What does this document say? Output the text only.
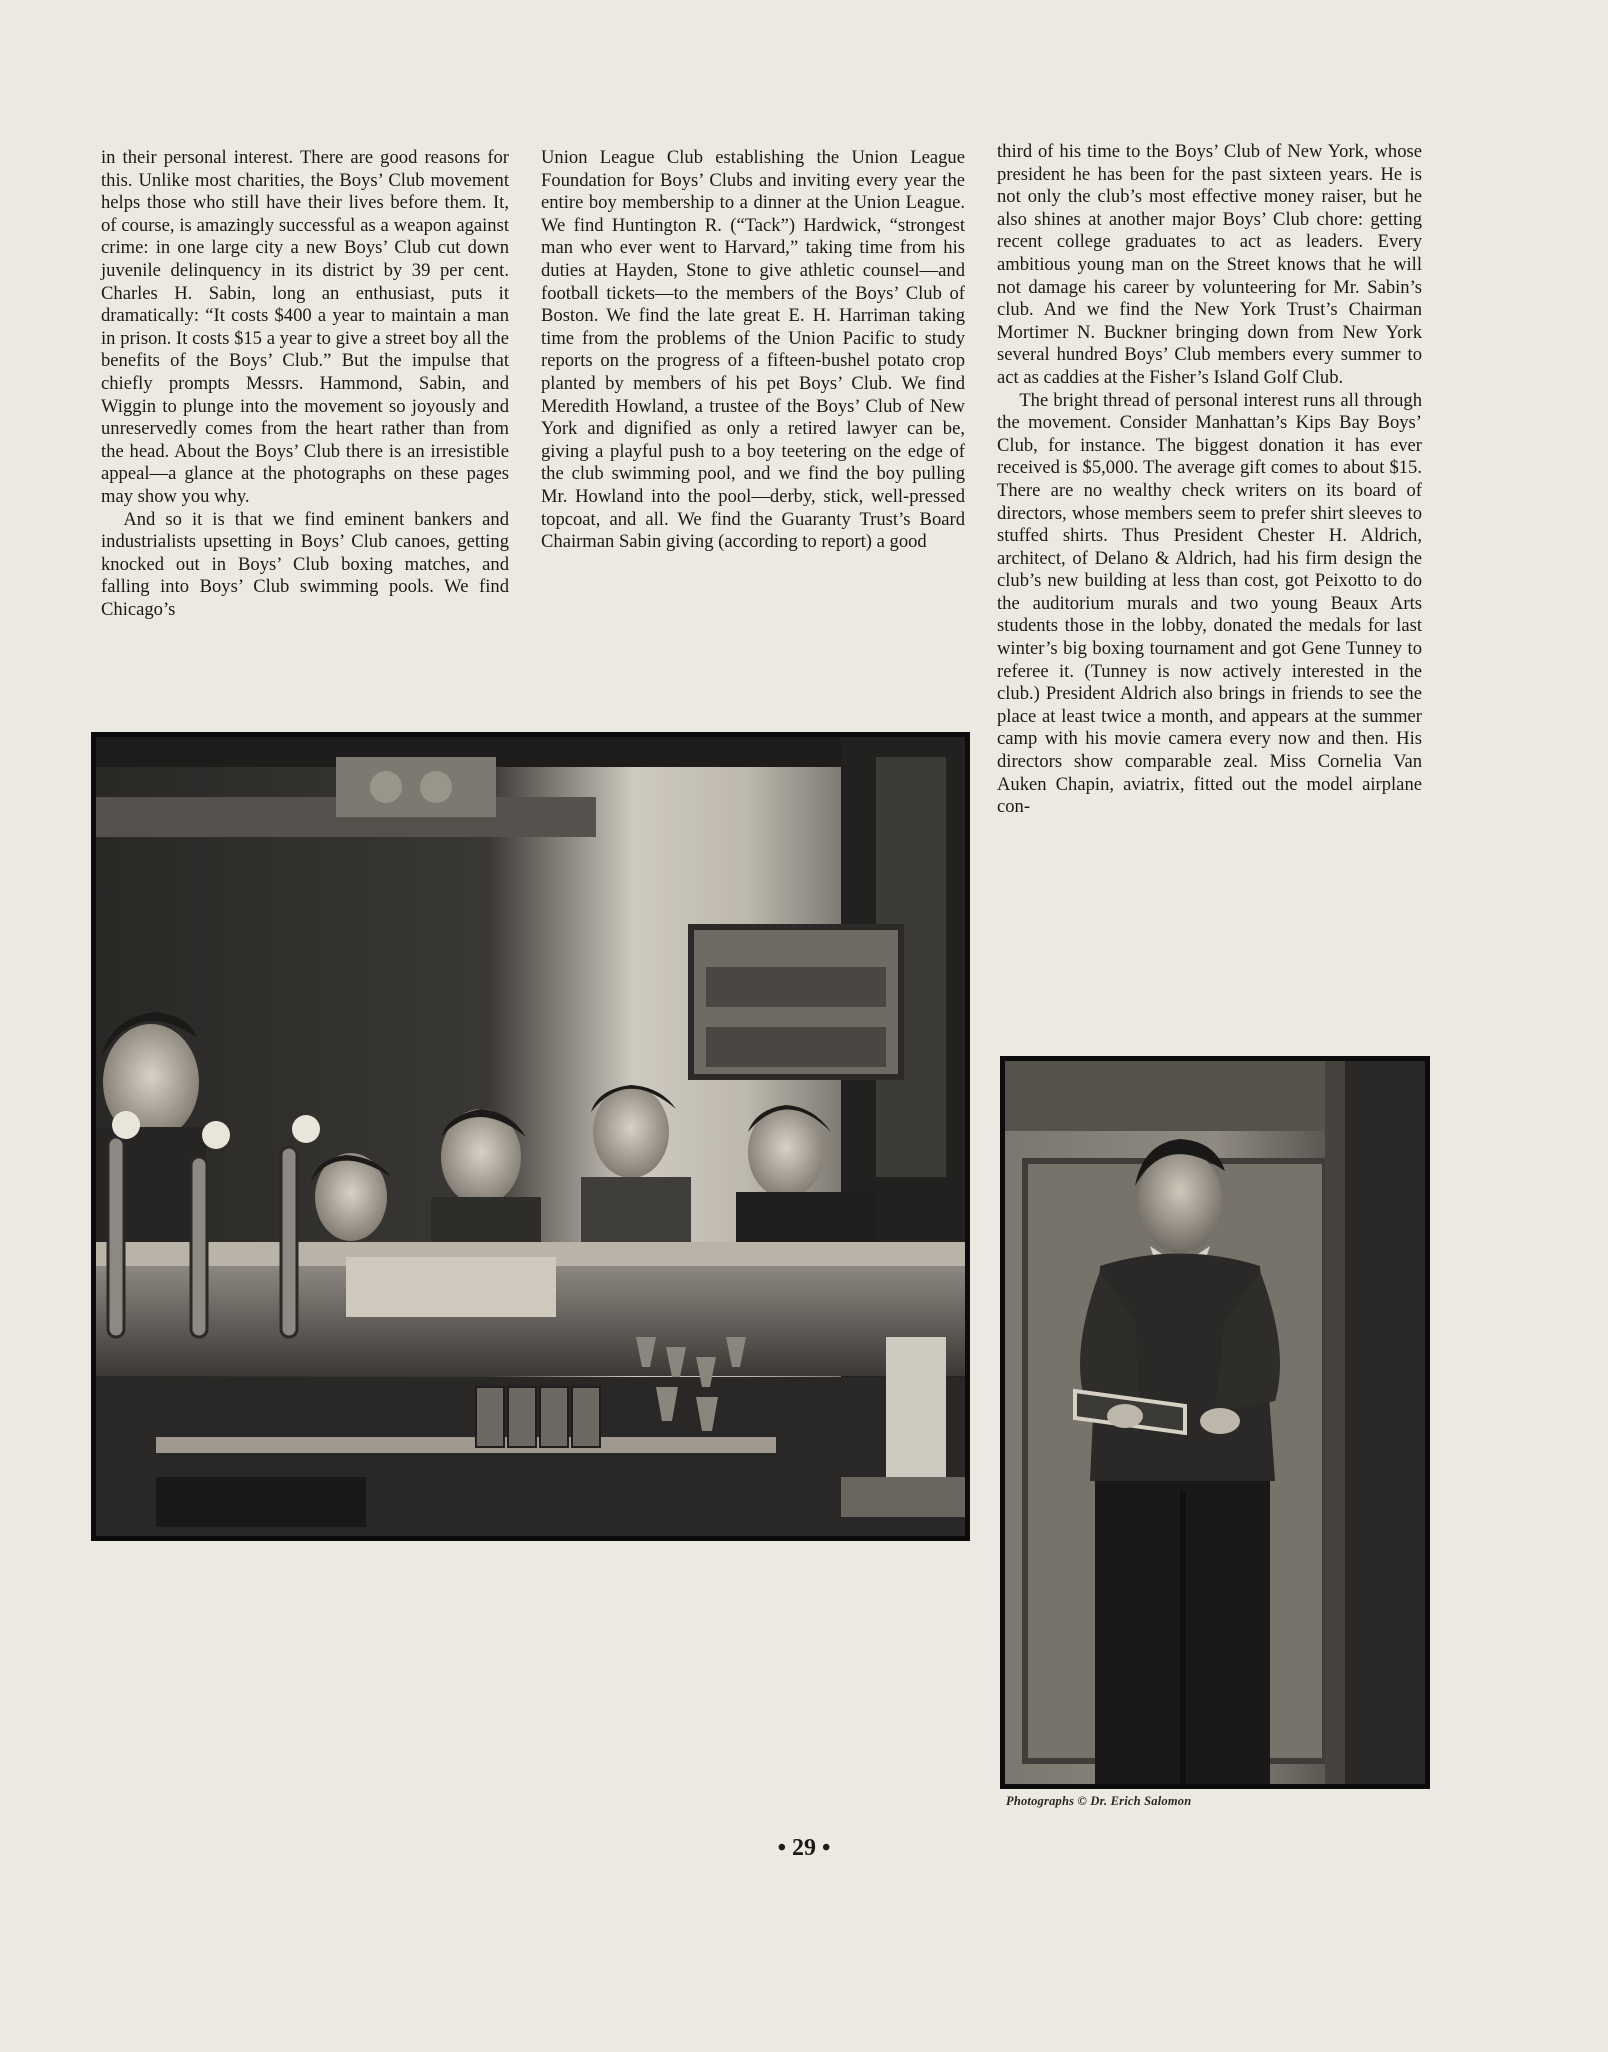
in their personal interest. There are good reasons for this. Unlike most charities, the Boys’ Club movement helps those who still have their lives before them. It, of course, is amazingly successful as a weapon against crime: in one large city a new Boys’ Club cut down juvenile delinquency in its district by 39 per cent. Charles H. Sabin, long an enthusiast, puts it dramatically: “It costs $400 a year to maintain a man in prison. It costs $15 a year to give a street boy all the benefits of the Boys’ Club.” But the impulse that chiefly prompts Messrs. Hammond, Sabin, and Wiggin to plunge into the movement so joyously and unreservedly comes from the heart rather than from the head. About the Boys’ Club there is an irresistible appeal—a glance at the photographs on these pages may show you why.

And so it is that we find eminent bankers and industrialists upsetting in Boys’ Club canoes, getting knocked out in Boys’ Club boxing matches, and falling into Boys’ Club swimming pools. We find Chicago’s

Union League Club establishing the Union League Foundation for Boys’ Clubs and inviting every year the entire boy membership to a dinner at the Union League. We find Huntington R. (“Tack”) Hardwick, “strongest man who ever went to Harvard,” taking time from his duties at Hayden, Stone to give athletic counsel—and football tickets—to the members of the Boys’ Club of Boston. We find the late great E. H. Harriman taking time from the problems of the Union Pacific to study reports on the progress of a fifteen-bushel potato crop planted by members of his pet Boys’ Club. We find Meredith Howland, a trustee of the Boys’ Club of New York and dignified as only a retired lawyer can be, giving a playful push to a boy teetering on the edge of the club swimming pool, and we find the boy pulling Mr. Howland into the pool—derby, stick, well-pressed topcoat, and all. We find the Guaranty Trust’s Board Chairman Sabin giving (according to report) a good

third of his time to the Boys’ Club of New York, whose president he has been for the past sixteen years. He is not only the club’s most effective money raiser, but he also shines at another major Boys’ Club chore: getting recent college graduates to act as leaders. Every ambitious young man on the Street knows that he will not damage his career by volunteering for Mr. Sabin’s club. And we find the New York Trust’s Chairman Mortimer N. Buckner bringing down from New York several hundred Boys’ Club members every summer to act as caddies at the Fisher’s Island Golf Club.

The bright thread of personal interest runs all through the movement. Consider Manhattan’s Kips Bay Boys’ Club, for instance. The biggest donation it has ever received is $5,000. The average gift comes to about $15. There are no wealthy check writers on its board of directors, whose members seem to prefer shirt sleeves to stuffed shirts. Thus President Chester H. Aldrich, architect, of Delano & Aldrich, had his firm design the club’s new building at less than cost, got Peixotto to do the auditorium murals and two young Beaux Arts students those in the lobby, donated the medals for last winter’s big boxing tournament and got Gene Tunney to referee it. (Tunney is now actively interested in the club.) President Aldrich also brings in friends to see the place at least twice a month, and appears at the summer camp with his movie camera every now and then. His directors show comparable zeal. Miss Cornelia Van Auken Chapin, aviatrix, fitted out the model airplane con-

Photographs © Dr. Erich Salomon
• 29 •
